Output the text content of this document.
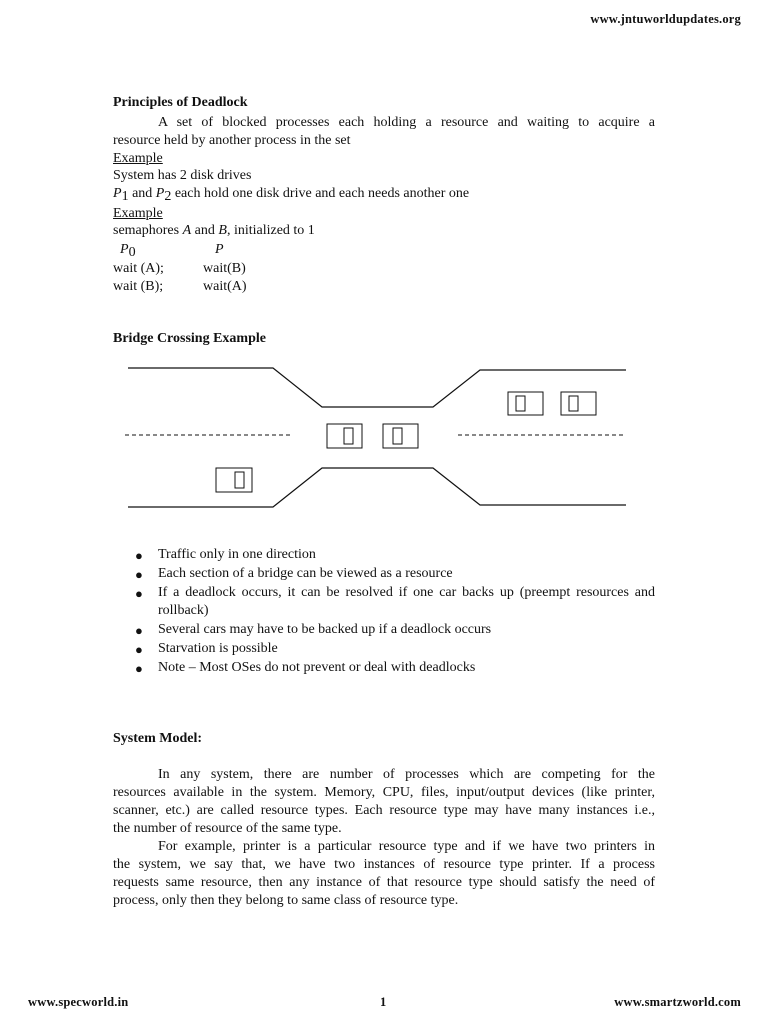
www.jntuworldupdates.org
Principles of Deadlock
A set of blocked processes each holding a resource and waiting to acquire a
resource held by another process in the set
Example
System has 2 disk drives
P1 and P2 each hold one disk drive and each needs another one
Example
semaphores A and B, initialized to 1
P0	P
wait (A);	wait(B)
wait (B);	wait(A)
Bridge Crossing Example
● Traffic only in one direction
● Each section of a bridge can be viewed as a resource
● If a deadlock occurs, it can be resolved if one car backs up (preempt resources and
rollback)
● Several cars may have to be backed up if a deadlock occurs
● Starvation is possible
● Note – Most OSes do not prevent or deal with deadlocks
System Model:
In any system, there are number of processes which are competing for the
resources available in the system. Memory, CPU, files, input/output devices (like printer,
scanner, etc.) are called resource types. Each resource type may have many instances i.e.,
the number of resource of the same type.
For example, printer is a particular resource type and if we have two printers in
the system, we say that, we have two instances of resource type printer. If a process
requests same resource, then any instance of that resource type should satisfy the need of
process, only then they belong to same class of resource type.
www.specworld.in	1	www.smartzworld.com
